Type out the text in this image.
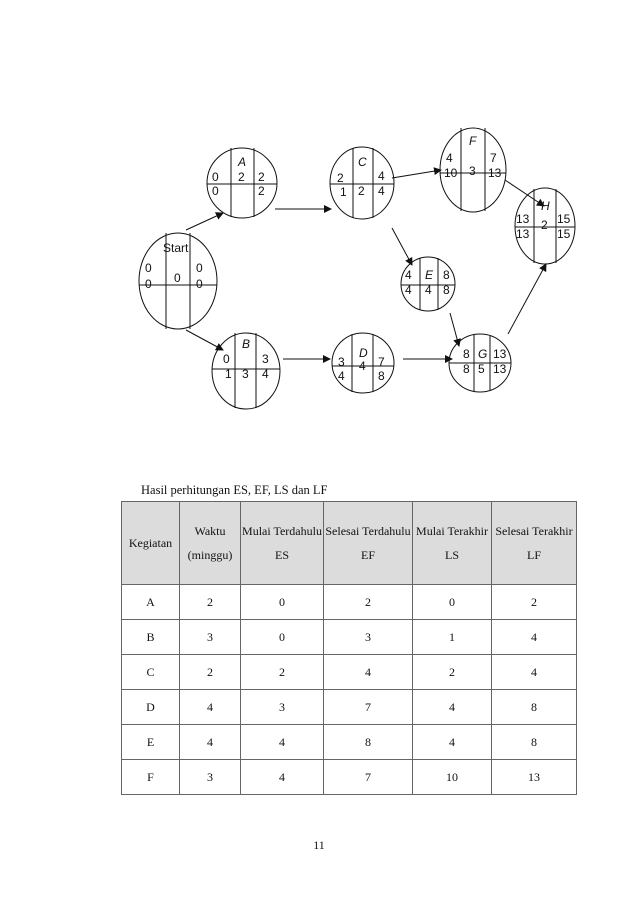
Start
0
0 0
0
0
A
0
0
2 2
2
C
2
1 2
4
4
F
4
10 3
7
13
H
13
13
2 15
15
E
4
4 4
8
8
B
0
1 3
3
4
D
3
4
4 7
8
G
8
8 5
13
13
Hasil perhitungan ES, EF, LS dan LF
Kegiatan	Waktu (minggu)	Mulai Terdahulu ES	Selesai Terdahulu EF	Mulai Terakhir LS	Selesai Terakhir LF
A	2	0	2	0	2
B	3	0	3	1	4
C	2	2	4	2	4
D	4	3	7	4	8
E	4	4	8	4	8
F	3	4	7	10	13
11
